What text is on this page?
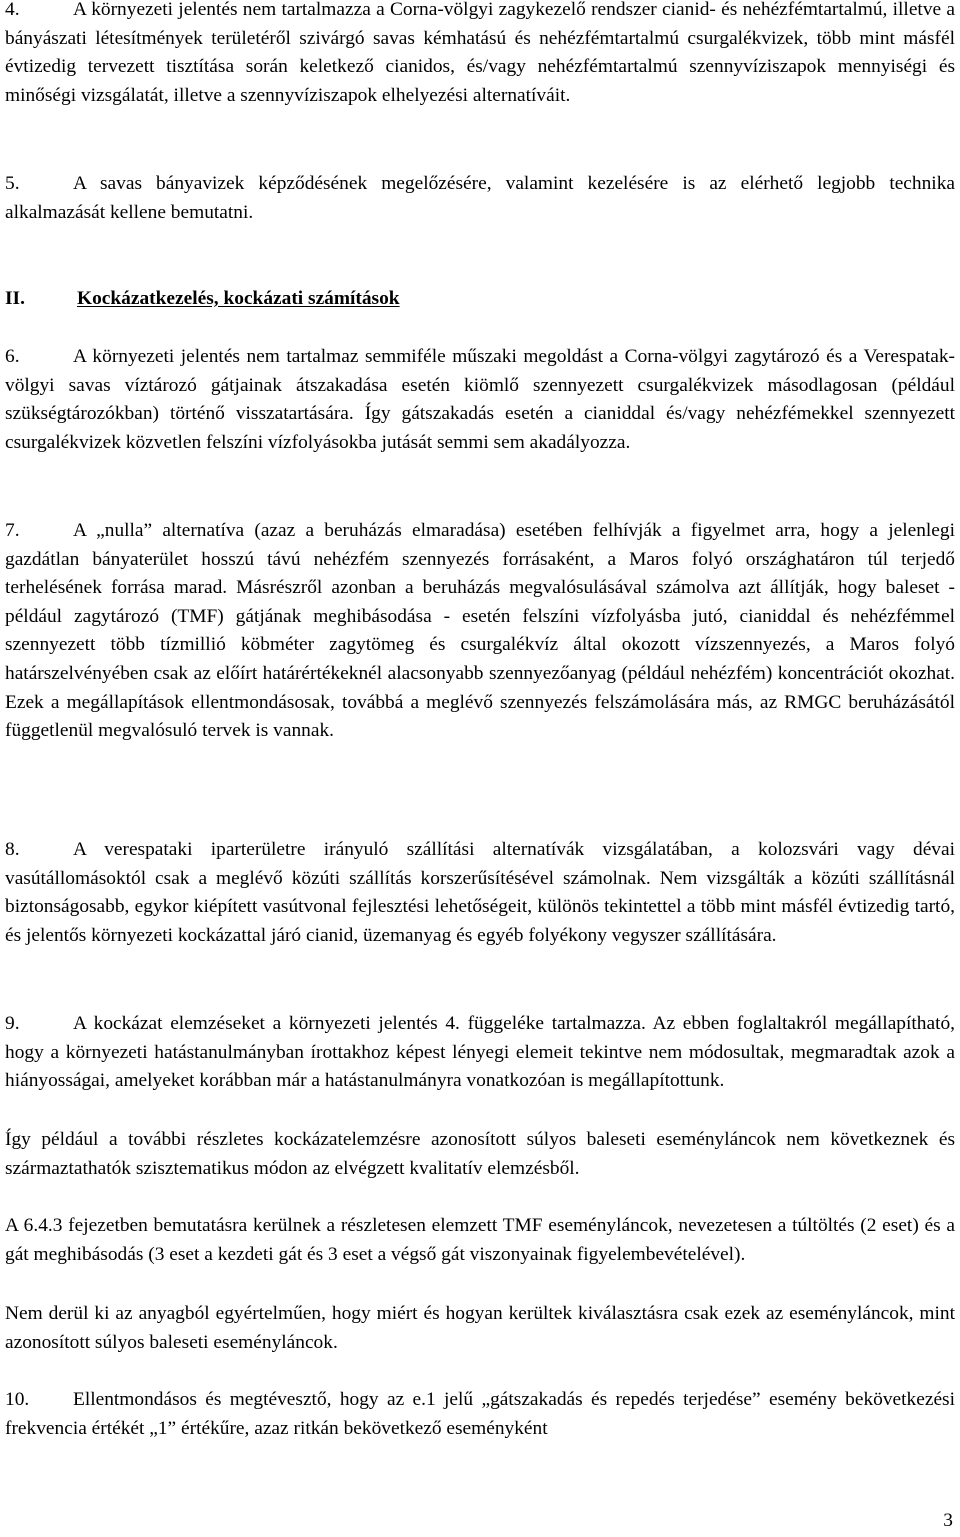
4.	A környezeti jelentés nem tartalmazza a Corna-völgyi zagykezelő rendszer cianid- és nehézfémtartalmú, illetve a bányászati létesítmények területéről szivárgó savas kémhatású és nehézfémtartalmú csurgalékvizek, több mint másfél évtizedig tervezett tisztítása során keletkező cianidos, és/vagy nehézfémtartalmú szennyvíziszapok mennyiségi és minőségi vizsgálatát, illetve a szennyvíziszapok elhelyezési alternatíváit.

5.	A savas bányavizek képződésének megelőzésére, valamint kezelésére is az elérhető legjobb technika alkalmazását kellene bemutatni.

II.	Kockázatkezelés, kockázati számítások

6.	A környezeti jelentés nem tartalmaz semmiféle műszaki megoldást a Corna-völgyi zagytározó és a Verespatak-völgyi savas víztározó gátjainak átszakadása esetén kiömlő szennyezett csurgalékvizek másodlagosan (például szükségtározókban) történő visszatartására. Így gátszakadás esetén a cianiddal és/vagy nehézfémekkel szennyezett csurgalékvizek közvetlen felszíni vízfolyásokba jutását semmi sem akadályozza.

7.	A „nulla” alternatíva (azaz a beruházás elmaradása) esetében felhívják a figyelmet arra, hogy a jelenlegi gazdátlan bányaterület hosszú távú nehézfém szennyezés forrásaként, a Maros folyó országhatáron túl terjedő terhelésének forrása marad. Másrészről azonban a beruházás megvalósulásával számolva azt állítják, hogy baleset - például zagytározó (TMF) gátjának meghibásodása - esetén felszíni vízfolyásba jutó, cianiddal és nehézfémmel szennyezett több tízmillió köbméter zagytömeg és csurgalékvíz által okozott vízszennyezés, a Maros folyó határszelvényében csak az előírt határértékeknél alacsonyabb szennyezőanyag (például nehézfém) koncentrációt okozhat. Ezek a megállapítások ellentmondásosak, továbbá a meglévő szennyezés felszámolására más, az RMGC beruházásától függetlenül megvalósuló tervek is vannak.

8.	A verespataki iparterületre irányuló szállítási alternatívák vizsgálatában, a kolozsvári vagy dévai vasútállomásoktól csak a meglévő közúti szállítás korszerűsítésével számolnak. Nem vizsgálták a közúti szállításnál biztonságosabb, egykor kiépített vasútvonal fejlesztési lehetőségeit, különös tekintettel a több mint másfél évtizedig tartó, és jelentős környezeti kockázattal járó cianid, üzemanyag és egyéb folyékony vegyszer szállítására.

9.	A kockázat elemzéseket a környezeti jelentés 4. függeléke tartalmazza. Az ebben foglaltakról megállapítható, hogy a környezeti hatástanulmányban írottakhoz képest lényegi elemeit tekintve nem módosultak, megmaradtak azok a hiányosságai, amelyeket korábban már a hatástanulmányra vonatkozóan is megállapítottunk.

Így például a további részletes kockázatelemzésre azonosított súlyos baleseti eseményláncok nem következnek és származtathatók szisztematikus módon az elvégzett kvalitatív elemzésből.

A 6.4.3 fejezetben bemutatásra kerülnek a részletesen elemzett TMF eseményláncok, nevezetesen a túltöltés (2 eset) és a gát meghibásodás (3 eset a kezdeti gát és 3 eset a végső gát viszonyainak figyelembevételével).

Nem derül ki az anyagból egyértelműen, hogy miért és hogyan kerültek kiválasztásra csak ezek az eseményláncok, mint azonosított súlyos baleseti eseményláncok.

10. Ellentmondásos és megtévesztő, hogy az e.1 jelű „gátszakadás és repedés terjedése” esemény bekövetkezési frekvencia értékét „1” értékűre, azaz ritkán bekövetkező eseményként

3
